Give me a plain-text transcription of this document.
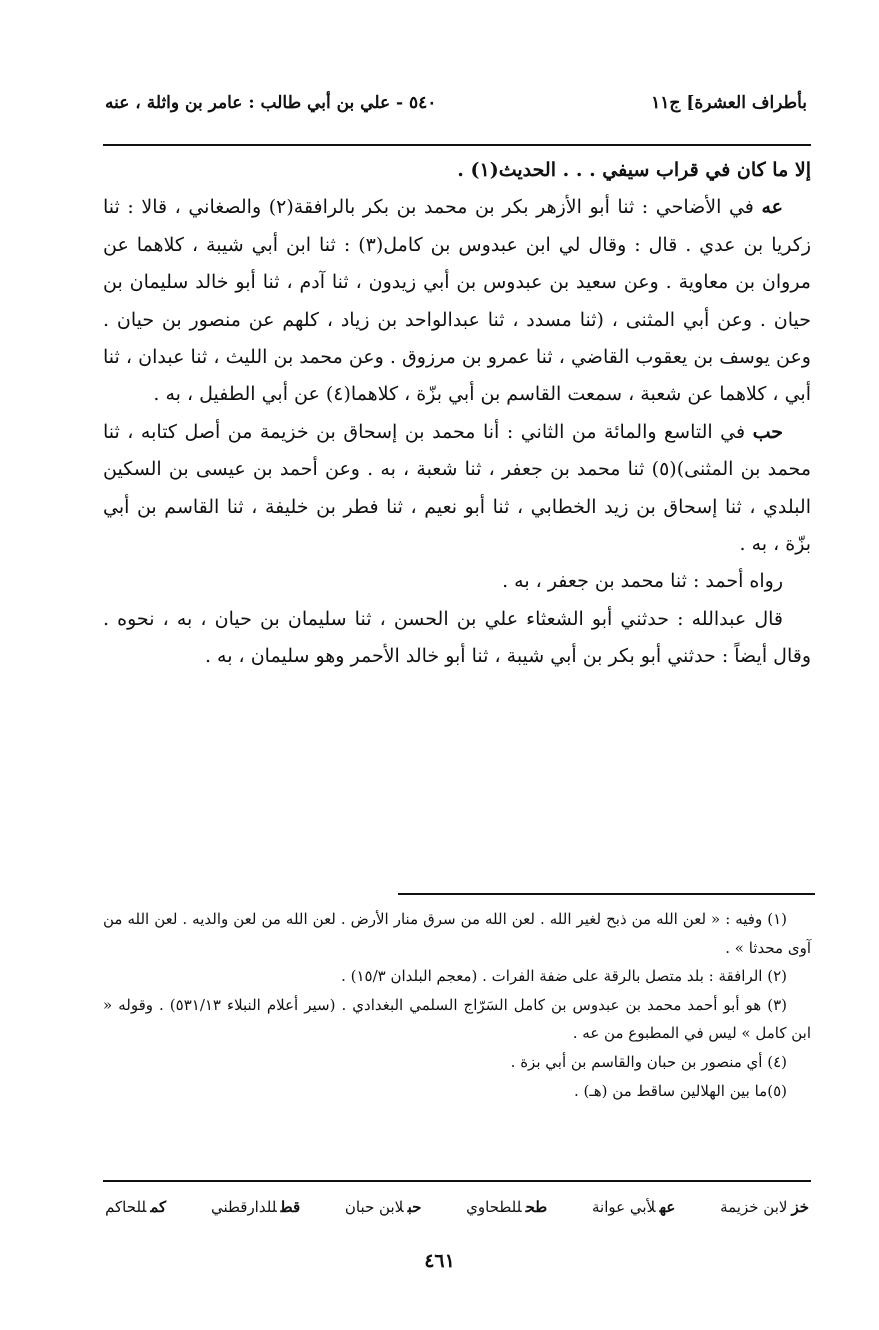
بأطراف العشرة] ج١١
٥٤٠ - علي بن أبي طالب : عامر بن واثلة ، عنه

إلا ما كان في قراب سيفي . . . الحديث(١) .

عه في الأضاحي : ثنا أبو الأزهر بكر بن محمد بن بكر بالرافقة(٢) والصغاني ، قالا : ثنا زكريا بن عدي . قال : وقال لي ابن عبدوس بن كامل(٣) : ثنا ابن أبي شيبة ، كلاهما عن مروان بن معاوية . وعن سعيد بن عبدوس بن أبي زيدون ، ثنا آدم ، ثنا أبو خالد سليمان بن حيان . وعن أبي المثنى ، (ثنا مسدد ، ثنا عبدالواحد بن زياد ، كلهم عن منصور بن حيان . وعن يوسف بن يعقوب القاضي ، ثنا عمرو بن مرزوق . وعن محمد بن الليث ، ثنا عبدان ، ثنا أبي ، كلاهما عن شعبة ، سمعت القاسم بن أبي بزّة ، كلاهما(٤) عن أبي الطفيل ، به .

حب في التاسع والمائة من الثاني : أنا محمد بن إسحاق بن خزيمة من أصل كتابه ، ثنا محمد بن المثنى)(٥) ثنا محمد بن جعفر ، ثنا شعبة ، به . وعن أحمد بن عيسى بن السكين البلدي ، ثنا إسحاق بن زيد الخطابي ، ثنا أبو نعيم ، ثنا فطر بن خليفة ، ثنا القاسم بن أبي بزّة ، به .

رواه أحمد : ثنا محمد بن جعفر ، به .

قال عبدالله : حدثني أبو الشعثاء علي بن الحسن ، ثنا سليمان بن حيان ، به ، نحوه . وقال أيضاً : حدثني أبو بكر بن أبي شيبة ، ثنا أبو خالد الأحمر وهو سليمان ، به .

(١) وفيه : « لعن الله من ذبح لغير الله . لعن الله من سرق منار الأرض . لعن الله من لعن والديه . لعن الله من آوى محدثا » .

(٢) الرافقة : بلد متصل بالرقة على ضفة الفرات . (معجم البلدان ١٥/٣) .

(٣) هو أبو أحمد محمد بن عبدوس بن كامل السَرّاج السلمي البغدادي . (سير أعلام النبلاء ٥٣١/١٣) . وقوله « ابن كامل » ليس في المطبوع من عه .

(٤) أي منصور بن حبان والقاسم بن أبي بزة .

(٥)ما بين الهلالين ساقط من (هـ) .

خزلابن خزيمة
عهلأبي عوانة
طحللطحاوي
حبلابن حبان
قطللدارقطني
كمللحاكم
٤٦١
